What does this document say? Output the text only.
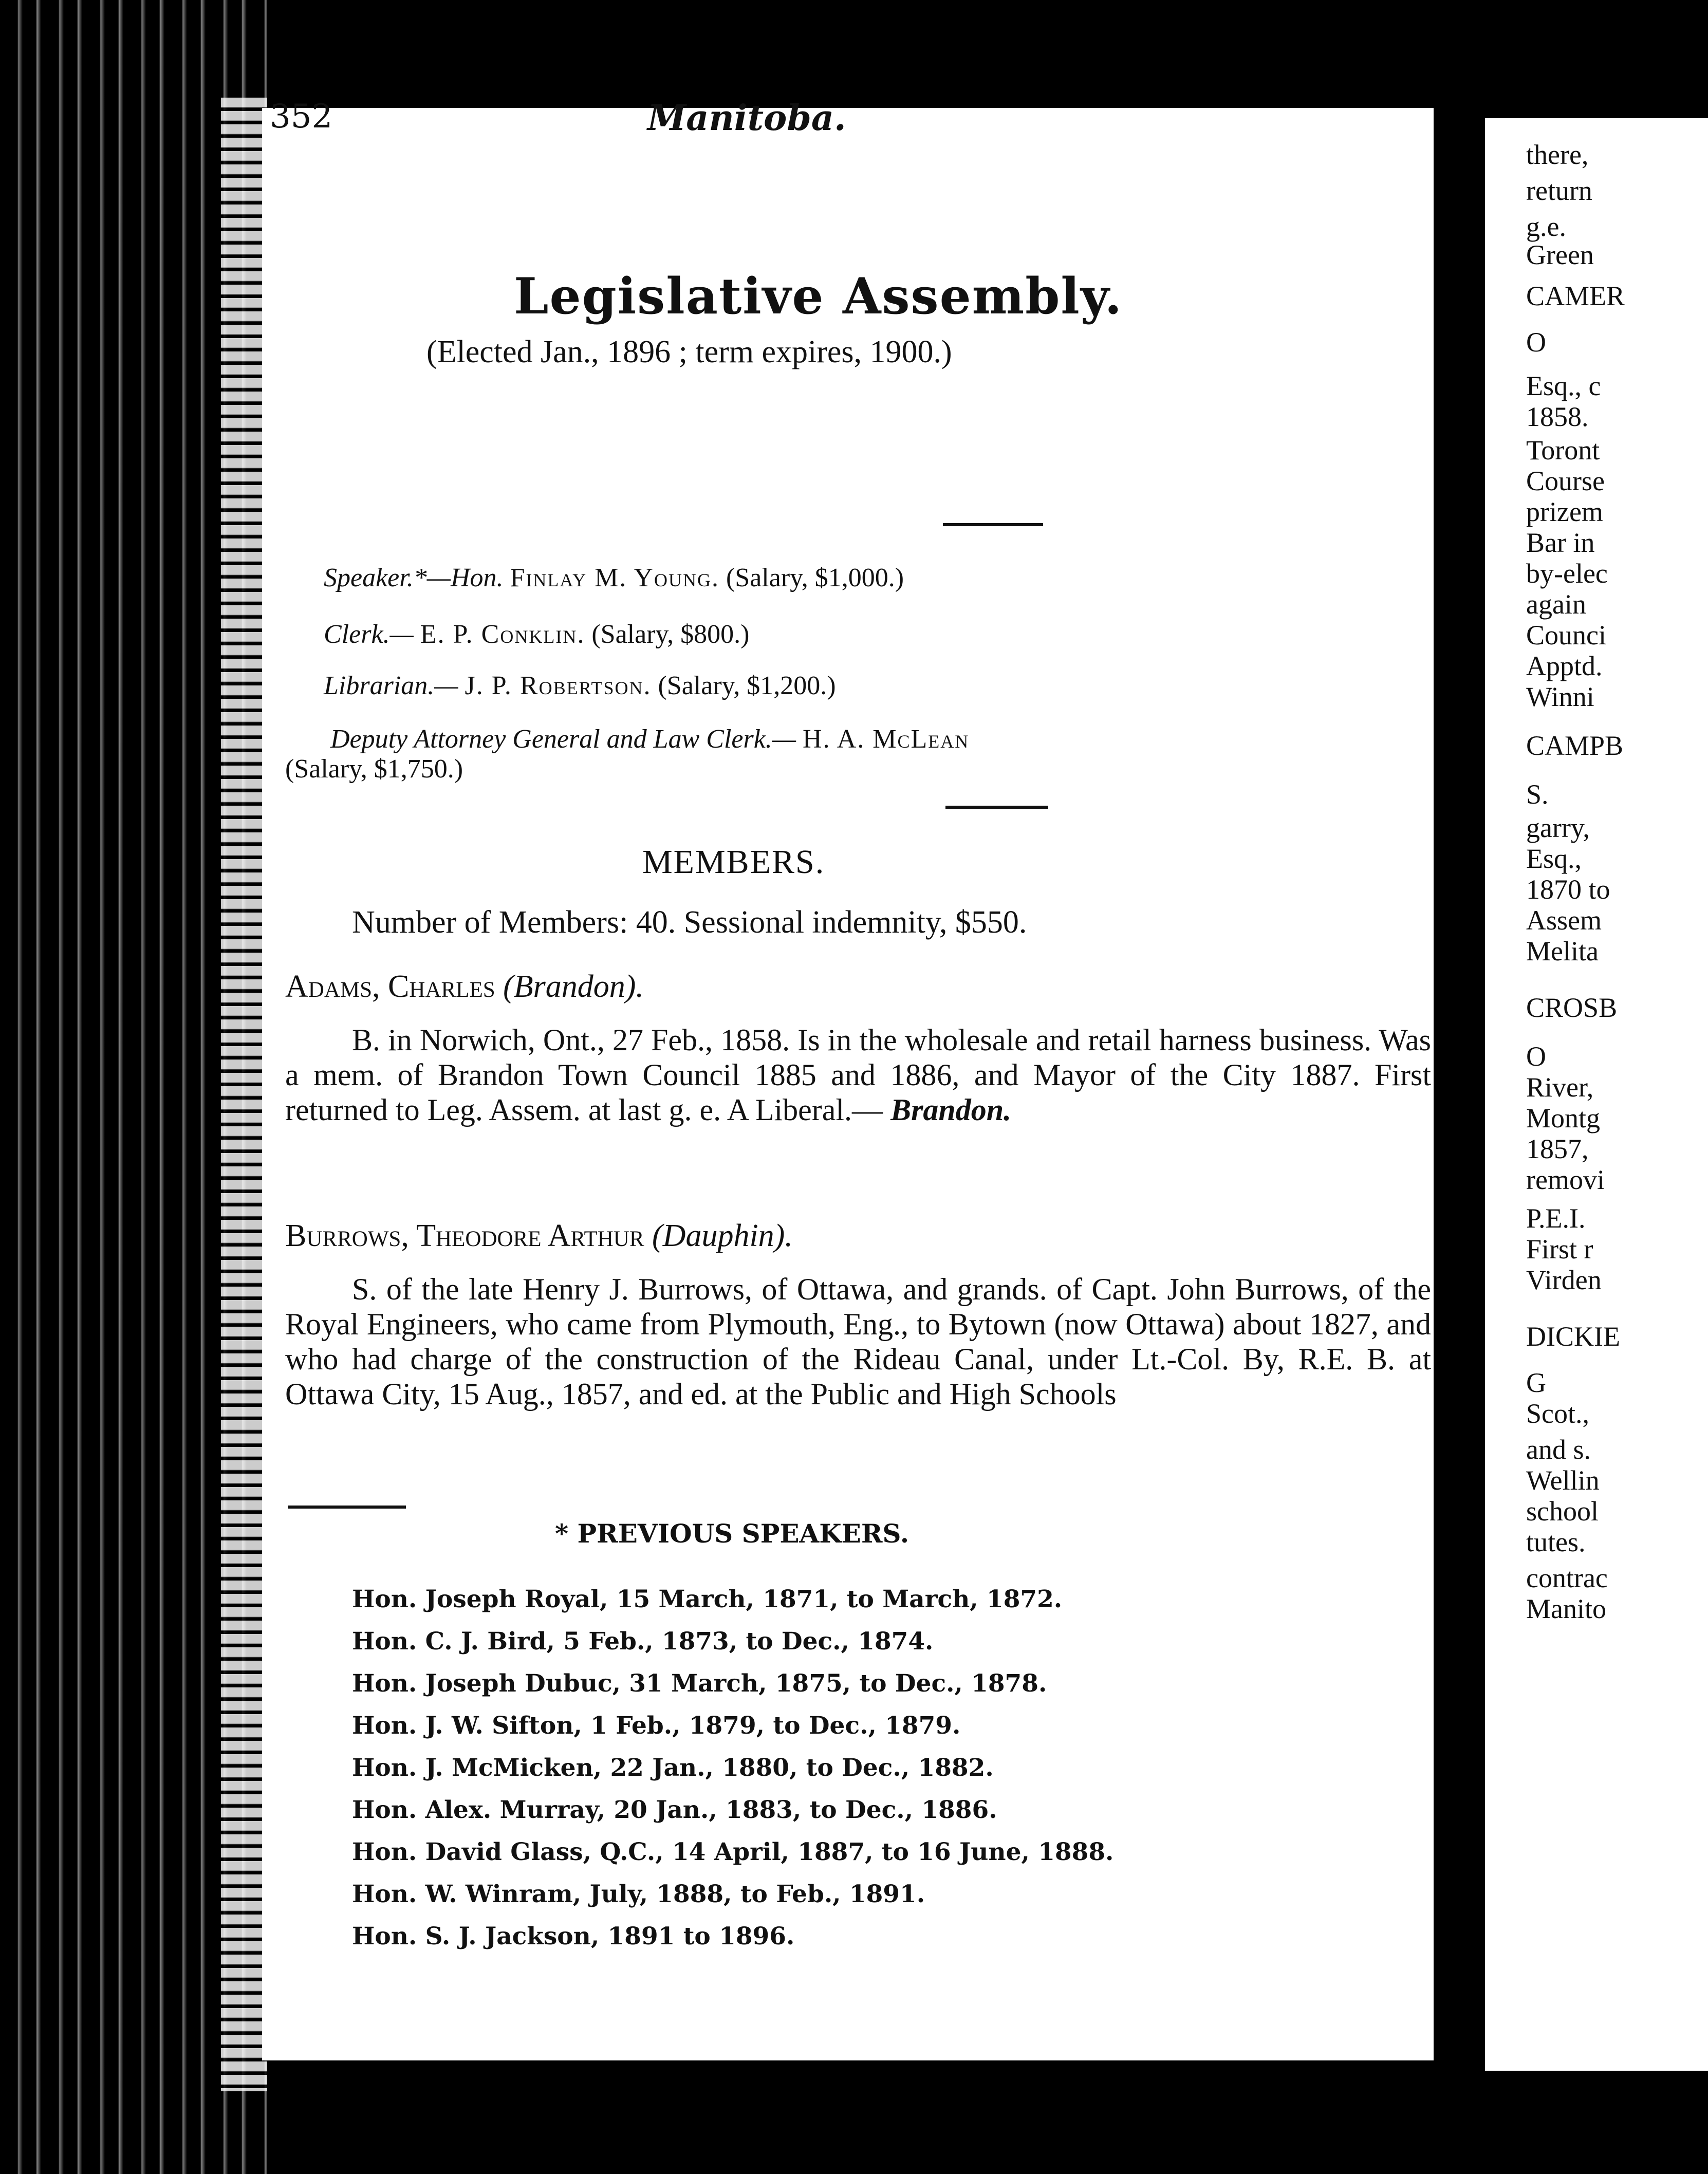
352	Manitoba.
Legislative Assembly.
(Elected Jan., 1896 ; term expires, 1900.)
Speaker.*—Hon. Finlay M. Young. (Salary, $1,000.)
Clerk.— E. P. Conklin. (Salary, $800.)
Librarian.— J. P. Robertson. (Salary, $1,200.)
Deputy Attorney General and Law Clerk.— H. A. McLean
(Salary, $1,750.)
MEMBERS.
Number of Members: 40. Sessional indemnity, $550.
Adams, Charles (Brandon).
B. in Norwich, Ont., 27 Feb., 1858. Is in the wholesale and retail harness business. Was a mem. of Brandon Town Council 1885 and 1886, and Mayor of the City 1887. First returned to Leg. Assem. at last g. e. A Liberal.— Brandon.
Burrows, Theodore Arthur (Dauphin).
S. of the late Henry J. Burrows, of Ottawa, and grands. of Capt. John Burrows, of the Royal Engineers, who came from Plymouth, Eng., to Bytown (now Ottawa) about 1827, and who had charge of the construction of the Rideau Canal, under Lt.-Col. By, R.E. B. at Ottawa City, 15 Aug., 1857, and ed. at the Public and High Schools
* PREVIOUS SPEAKERS.
Hon. Joseph Royal, 15 March, 1871, to March, 1872.
Hon. C. J. Bird, 5 Feb., 1873, to Dec., 1874.
Hon. Joseph Dubuc, 31 March, 1875, to Dec., 1878.
Hon. J. W. Sifton, 1 Feb., 1879, to Dec., 1879.
Hon. J. McMicken, 22 Jan., 1880, to Dec., 1882.
Hon. Alex. Murray, 20 Jan., 1883, to Dec., 1886.
Hon. David Glass, Q.C., 14 April, 1887, to 16 June, 1888.
Hon. W. Winram, July, 1888, to Feb., 1891.
Hon. S. J. Jackson, 1891 to 1896.
there,
return
g.e.
Green
CAMER
O
Esq., c
1858.
Toront
Course
prizem
Bar in
by-elec
again
Counci
Apptd.
Winni
CAMPB
S.
garry,
Esq.,
1870 to
Assem
Melita
CROSB
O
River,
Montg
1857,
removi
P.E.I.
First r
Virden
DICKIE
G
Scot.,
and s.
Wellin
school
tutes.
contrac
Manito
